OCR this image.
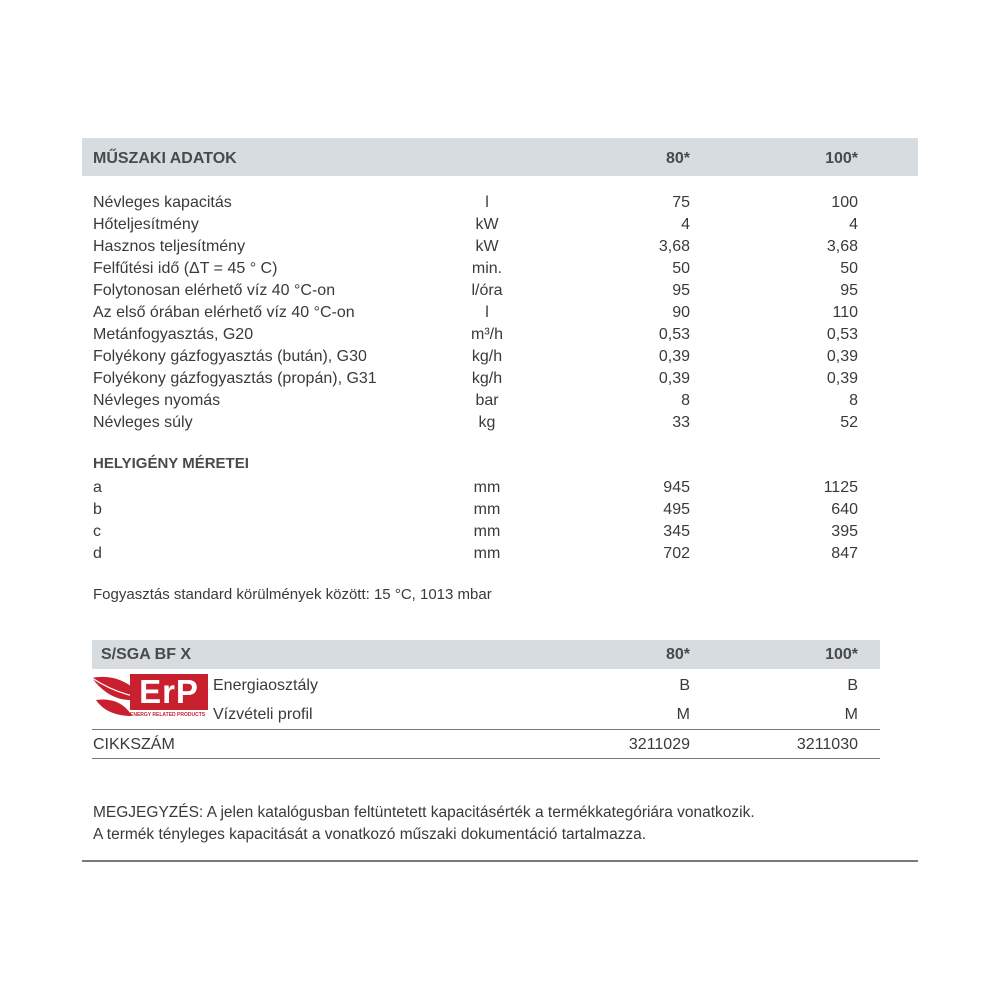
MŰSZAKI ADATOK	80*	100*
Névleges kapacitás	l	75	100
Hőteljesítmény	kW	4	4
Hasznos teljesítmény	kW	3,68	3,68
Felfűtési idő (ΔT = 45 ° C)	min.	50	50
Folytonosan elérhető víz 40 °C-on	l/óra	95	95
Az első órában elérhető víz 40 °C-on	l	90	110
Metánfogyasztás, G20	m³/h	0,53	0,53
Folyékony gázfogyasztás (bután), G30	kg/h	0,39	0,39
Folyékony gázfogyasztás (propán), G31	kg/h	0,39	0,39
Névleges nyomás	bar	8	8
Névleges súly	kg	33	52
HELYIGÉNY MÉRETEI
a	mm	945	1125
b	mm	495	640
c	mm	345	395
d	mm	702	847
Fogyasztás standard körülmények között: 15 °C, 1013 mbar
S/SGA BF X	80*	100*
ErP
ENERGY RELATED PRODUCTS
Energiaosztály	B	B
Vízvételi profil	M	M
CIKKSZÁM	3211029	3211030
MEGJEGYZÉS: A jelen katalógusban feltüntetett kapacitásérték a termékkategóriára vonatkozik.
A termék tényleges kapacitását a vonatkozó műszaki dokumentáció tartalmazza.
